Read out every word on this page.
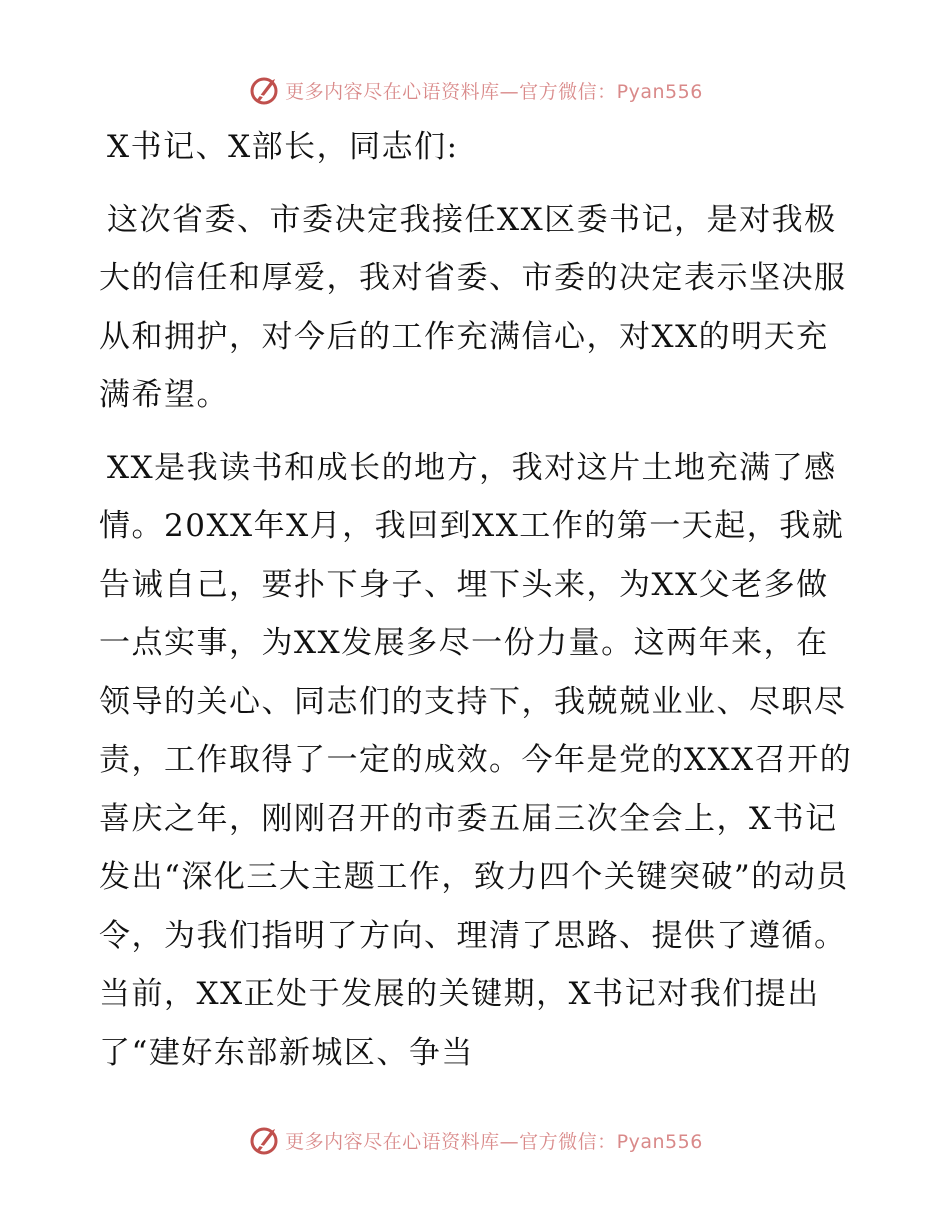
更多内容尽在心语资料库—官方微信：Pyan556

X书记、X部长，同志们:

这次省委、市委决定我接任XX区委书记，是对我极大的信任和厚爱，我对省委、市委的决定表示坚决服从和拥护，对今后的工作充满信心，对XX的明天充满希望。

XX是我读书和成长的地方，我对这片土地充满了感情。20XX年X月，我回到XX工作的第一天起，我就告诫自己，要扑下身子、埋下头来，为XX父老多做一点实事，为XX发展多尽一份力量。这两年来，在领导的关心、同志们的支持下，我兢兢业业、尽职尽责，工作取得了一定的成效。今年是党的XXX召开的喜庆之年，刚刚召开的市委五届三次全会上，X书记发出“深化三大主题工作，致力四个关键突破”的动员令，为我们指明了方向、理清了思路、提供了遵循。当前，XX正处于发展的关键期，X书记对我们提出了“建好东部新城区、争当

更多内容尽在心语资料库—官方微信：Pyan556
